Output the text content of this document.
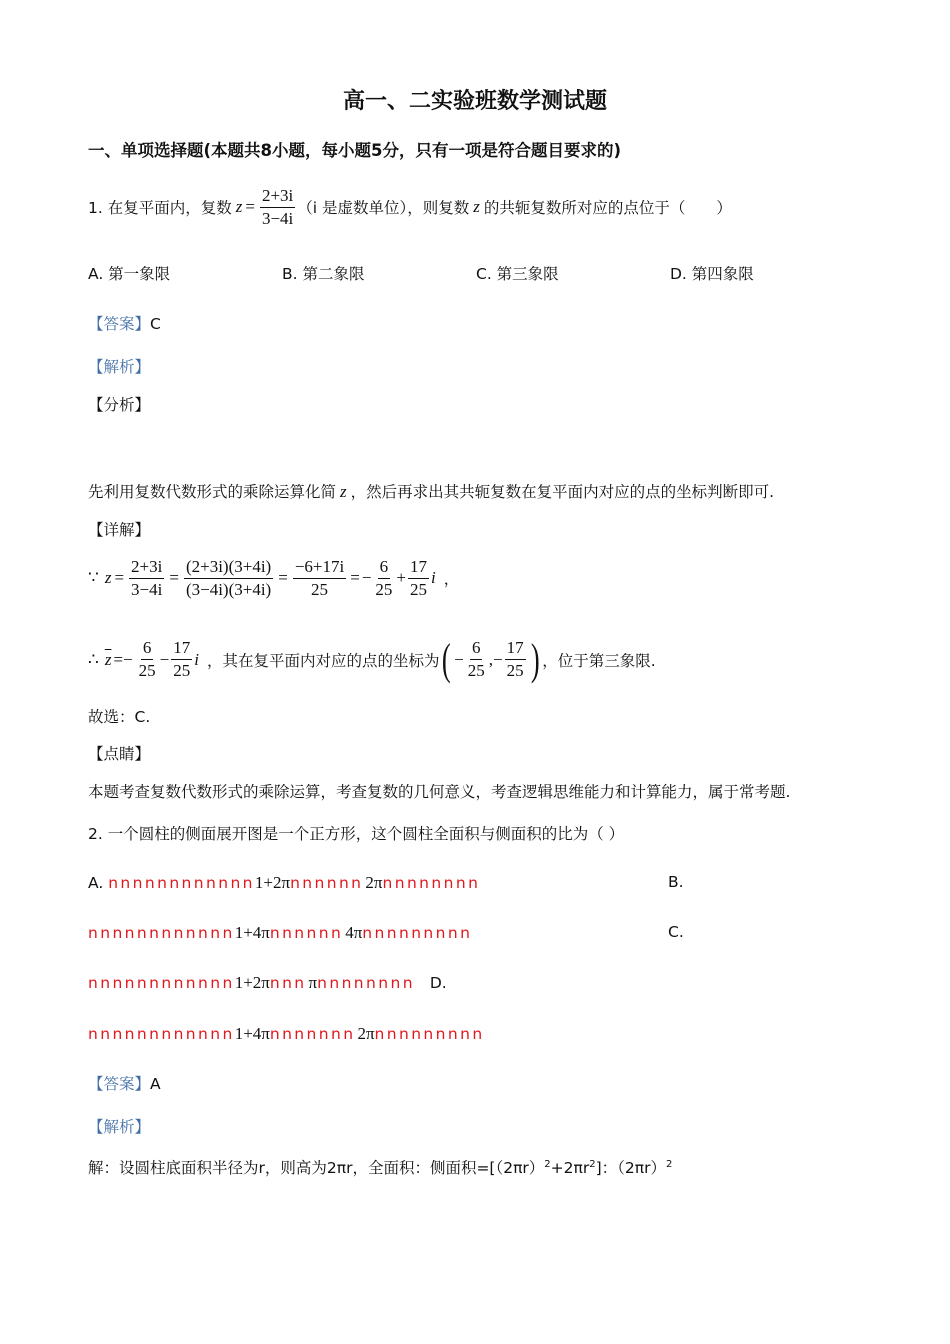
高一、二实验班数学测试题
一、单项选择题(本题共8小题，每小题5分，只有一项是符合题目要求的)
1. 在复平面内，复数 $z = \frac{2+3i}{3-4i} (i$ 是虚数单位），则复数 z 的共轭复数所对应的点位于（　　）
A. 第一象限	B. 第二象限	C. 第三象限	D. 第四象限
【答案】C
【解析】
【分析】
先利用复数代数形式的乘除运算化简 z ，然后再求出其共轭复数在复平面内对应的点的坐标判断即可.
【详解】
∵ $z = \frac{2+3i}{3-4i} = \frac{(2+3i)(3+4i)}{(3-4i)(3+4i)} = \frac{-6+17i}{25}$ = − $\frac{6}{25} + \frac{17}{25}$ i ，
∴ $\overline{z} =- \frac{6}{25} - \frac{17}{25}$ i ，其在复平面内对应的点的坐标为 ( − $\frac{6}{25}$ ,− $\frac{17}{25}$ ) ，位于第三象限.
故选：C.
【点睛】
本题考查复数代数形式的乘除运算，考查复数的几何意义，考查逻辑思维能力和计算能力，属于常考题.
2. 一个圆柱的侧面展开图是一个正方形，这个圆柱全面积与侧面积的比为（ ）
A. nnnnnnnnnnnn1+2πnnnnnn 2πnnnnnnnn	B.
nnnnnnnnnnnn1+4πnnnnnn 4πnnnnnnnnn	C.
nnnnnnnnnnnn1+2πnnn πnnnnnnnn D.
nnnnnnnnnnnn1+4πnnnnnnn 2πnnnnnnnnn
【答案】A
【解析】
解：设圆柱底面积半径为r，则高为2πr，全面积：侧面积$=[(2\pi r)^2+2\pi r^2]$：$(2\pi r)^2$
